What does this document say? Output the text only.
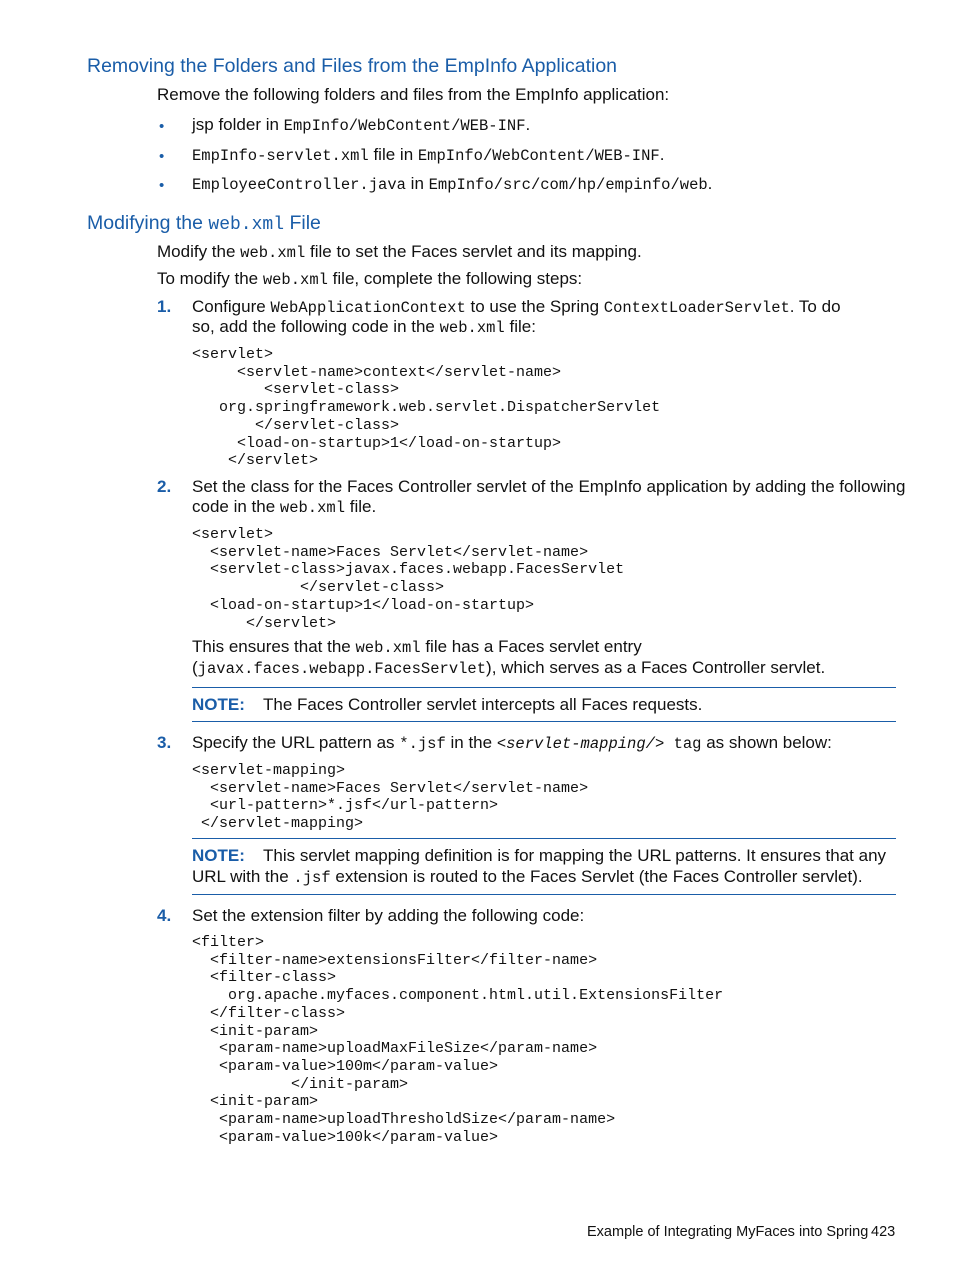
Removing the Folders and Files from the EmpInfo Application
Remove the following folders and files from the EmpInfo application:
• jsp folder in EmpInfo/WebContent/WEB-INF.
• EmpInfo-servlet.xml file in EmpInfo/WebContent/WEB-INF.
• EmployeeController.java in EmpInfo/src/com/hp/empinfo/web.
Modifying the web.xml File
Modify the web.xml file to set the Faces servlet and its mapping.
To modify the web.xml file, complete the following steps:
1. Configure WebApplicationContext to use the Spring ContextLoaderServlet. To do
so, add the following code in the web.xml file:
<servlet>
<servlet-name>context</servlet-name>
<servlet-class>
org.springframework.web.servlet.DispatcherServlet
</servlet-class>
<load-on-startup>1</load-on-startup>
</servlet>
2. Set the class for the Faces Controller servlet of the EmpInfo application by adding the following
code in the web.xml file.
<servlet>
<servlet-name>Faces Servlet</servlet-name>
<servlet-class>javax.faces.webapp.FacesServlet
</servlet-class>
<load-on-startup>1</load-on-startup>
</servlet>
This ensures that the web.xml file has a Faces servlet entry
(javax.faces.webapp.FacesServlet), which serves as a Faces Controller servlet.
NOTE: The Faces Controller servlet intercepts all Faces requests.
3. Specify the URL pattern as *.jsf in the <servlet-mapping/> tag as shown below:
<servlet-mapping>
<servlet-name>Faces Servlet</servlet-name>
<url-pattern>*.jsf</url-pattern>
</servlet-mapping>
NOTE: This servlet mapping definition is for mapping the URL patterns. It ensures that any
URL with the .jsf extension is routed to the Faces Servlet (the Faces Controller servlet).
4. Set the extension filter by adding the following code:
<filter>
<filter-name>extensionsFilter</filter-name>
<filter-class>
org.apache.myfaces.component.html.util.ExtensionsFilter
</filter-class>
<init-param>
<param-name>uploadMaxFileSize</param-name>
<param-value>100m</param-value>
</init-param>
<init-param>
<param-name>uploadThresholdSize</param-name>
<param-value>100k</param-value>
Example of Integrating MyFaces into Spring 423
